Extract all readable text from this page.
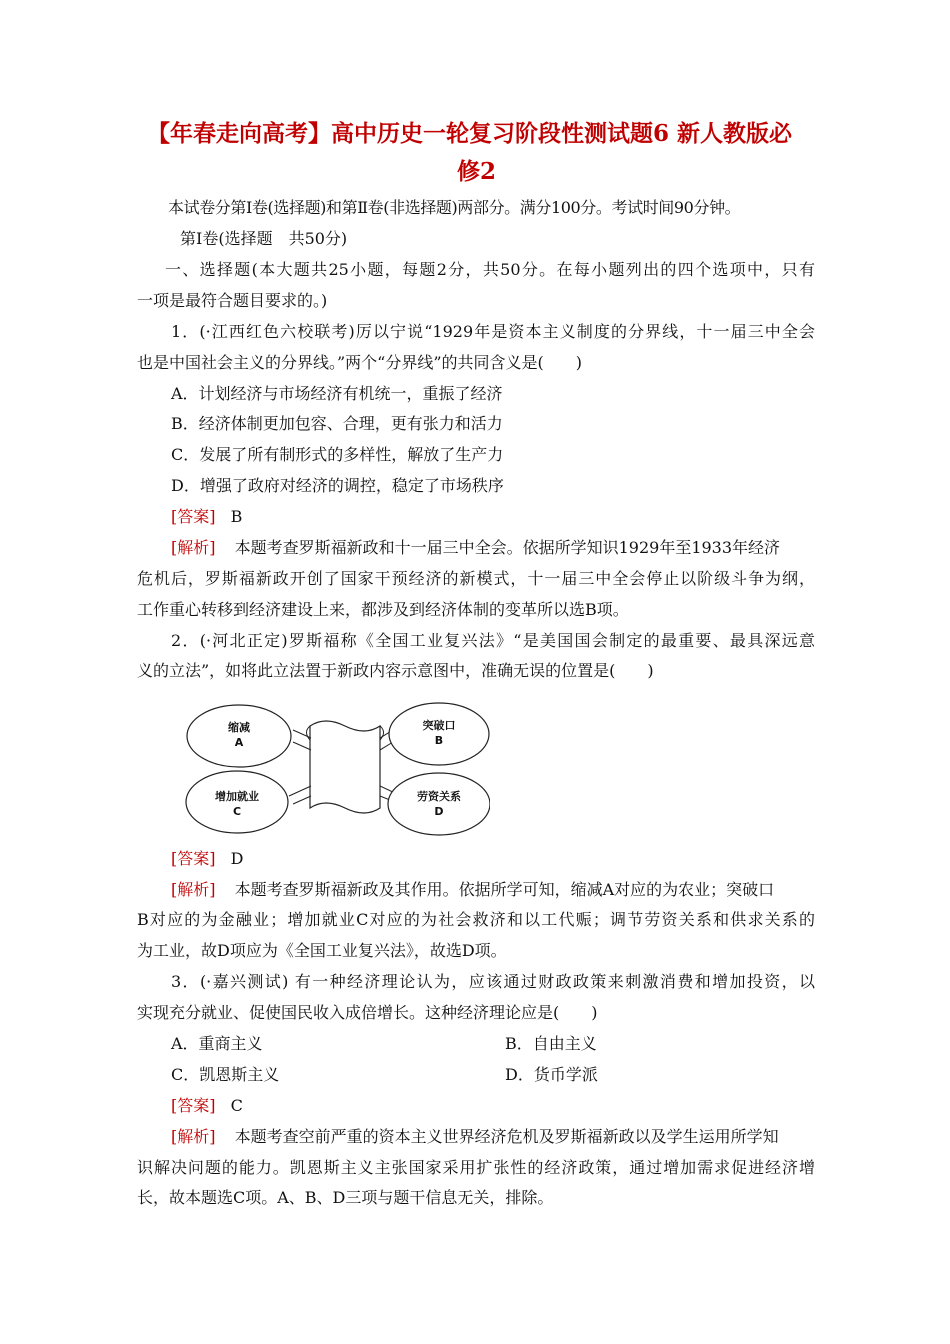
【年春走向高考】高中历史一轮复习阶段性测试题6 新人教版必
修2
本试卷分第Ⅰ卷(选择题)和第Ⅱ卷(非选择题)两部分。满分100分。考试时间90分钟。
第Ⅰ卷(选择题　共50分)
一、选择题(本大题共25小题，每题2分，共50分。在每小题列出的四个选项中，只有
一项是最符合题目要求的。)
1．(·江西红色六校联考)厉以宁说“1929年是资本主义制度的分界线，十一届三中全会
也是中国社会主义的分界线。”两个“分界线”的共同含义是(　　)
A．计划经济与市场经济有机统一，重振了经济
B．经济体制更加包容、合理，更有张力和活力
C．发展了所有制形式的多样性，解放了生产力
D．增强了政府对经济的调控，稳定了市场秩序
[答案] B
[解析] 本题考查罗斯福新政和十一届三中全会。依据所学知识1929年至1933年经济
危机后，罗斯福新政开创了国家干预经济的新模式，十一届三中全会停止以阶级斗争为纲，
工作重心转移到经济建设上来，都涉及到经济体制的变革所以选B项。
2．(·河北正定)罗斯福称《全国工业复兴法》“是美国国会制定的最重要、最具深远意
义的立法”，如将此立法置于新政内容示意图中，准确无误的位置是(　　)
缩减
A
突破口
B
增加就业
C
劳资关系
D
[答案] D
[解析] 本题考查罗斯福新政及其作用。依据所学可知，缩减A对应的为农业；突破口
B对应的为金融业；增加就业C对应的为社会救济和以工代赈；调节劳资关系和供求关系的
为工业，故D项应为《全国工业复兴法》，故选D项。
3．(·嘉兴测试) 有一种经济理论认为，应该通过财政政策来刺激消费和增加投资，以
实现充分就业、促使国民收入成倍增长。这种经济理论应是(　　)
A．重商主义	B．自由主义
C．凯恩斯主义	D．货币学派
[答案] C
[解析] 本题考查空前严重的资本主义世界经济危机及罗斯福新政以及学生运用所学知
识解决问题的能力。凯恩斯主义主张国家采用扩张性的经济政策，通过增加需求促进经济增
长，故本题选C项。A、B、D三项与题干信息无关，排除。
